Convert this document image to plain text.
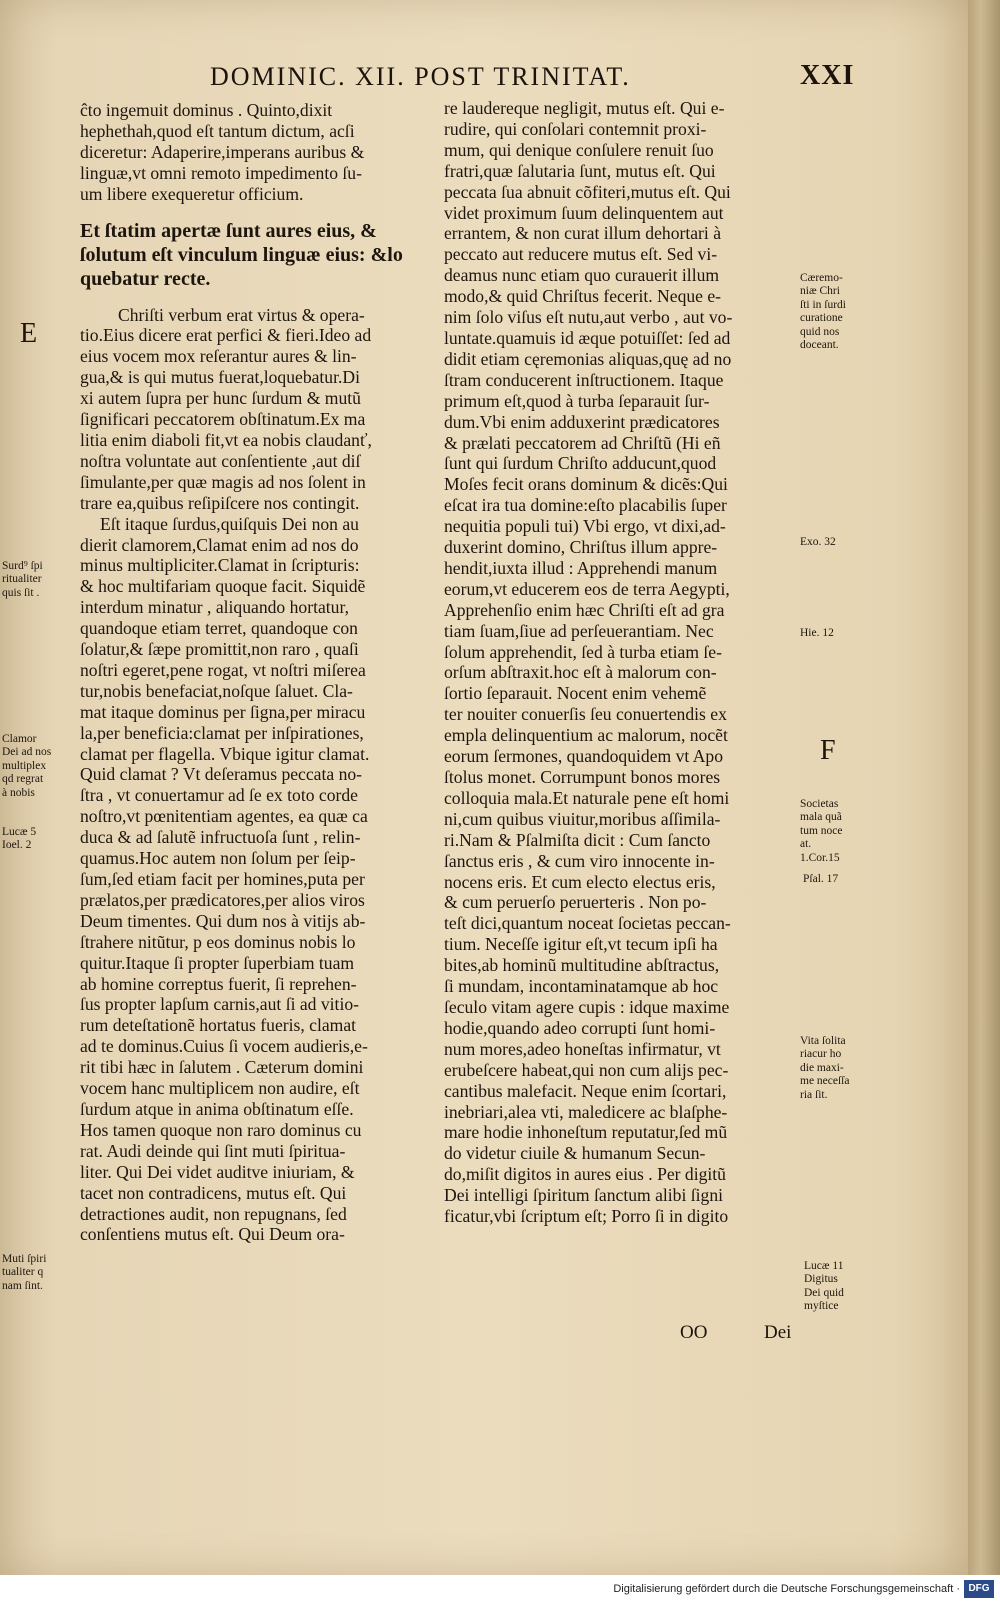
DOMINIC. XII. POST TRINITAT.	XXI
ĉto ingemuit dominus . Quinto,dixit
hephethah,quod eſt tantum dictum, acſi
diceretur: Adaperire,imperans auribus &
linguæ,vt omni remoto impedimento ſu-
um libere exequeretur officium.
Et ſtatim apertæ ſunt aures eius, &
ſolutum eſt vinculum linguæ eius: &lo
quebatur recte.
Chriſti verbum erat virtus & opera-
tio.Eius dicere erat perfici & fieri.Ideo ad
eius vocem mox reſerantur aures & lin-
gua,& is qui mutus fuerat,loquebatur.Di
xi autem ſupra per hunc ſurdum & mutũ
ſignificari peccatorem obſtinatum.Ex ma
litia enim diaboli fit,vt ea nobis claudanť,
noſtra voluntate aut conſentiente ,aut diſ
ſimulante,per quæ magis ad nos ſolent in
trare ea,quibus reſipiſcere nos contingit.
Eſt itaque ſurdus,quiſquis Dei non au
dierit clamorem,Clamat enim ad nos do
minus multipliciter.Clamat in ſcripturis:
& hoc multifariam quoque facit. Siquidẽ
interdum minatur , aliquando hortatur,
quandoque etiam terret, quandoque con
ſolatur,& ſæpe promittit,non raro , quaſi
noſtri egeret,pene rogat, vt noſtri miſerea
tur,nobis benefaciat,noſque ſaluet. Cla-
mat itaque dominus per ſigna,per miracu
la,per beneficia:clamat per inſpirationes,
clamat per flagella. Vbique igitur clamat.
Quid clamat ? Vt deſeramus peccata no-
ſtra , vt conuertamur ad ſe ex toto corde
noſtro,vt pœnitentiam agentes, ea quæ ca
duca & ad ſalutẽ infructuoſa ſunt , relin-
quamus.Hoc autem non ſolum per ſeip-
ſum,ſed etiam facit per homines,puta per
prælatos,per prædicatores,per alios viros
Deum timentes. Qui dum nos à vitijs ab-
ſtrahere nitũtur, p eos dominus nobis lo
quitur.Itaque ſi propter ſuperbiam tuam
ab homine correptus fuerit, ſi reprehen-
ſus propter lapſum carnis,aut ſi ad vitio-
rum deteſtationẽ hortatus fueris, clamat
ad te dominus.Cuius ſi vocem audieris,e-
rit tibi hæc in ſalutem . Cæterum domini
vocem hanc multiplicem non audire, eſt
ſurdum atque in anima obſtinatum eſſe.
Hos tamen quoque non raro dominus cu
rat. Audi deinde qui ſint muti ſpiritua-
liter. Qui Dei videt auditve iniuriam, &
tacet non contradicens, mutus eſt. Qui
detractiones audit, non repugnans, ſed
conſentiens mutus eſt. Qui Deum ora-
re laudereque negligit, mutus eſt. Qui e-
rudire, qui conſolari contemnit proxi-
mum, qui denique conſulere renuit ſuo
fratri,quæ ſalutaria ſunt, mutus eſt. Qui
peccata ſua abnuit cõfiteri,mutus eſt. Qui
videt proximum ſuum delinquentem aut
errantem, & non curat illum dehortari à
peccato aut reducere mutus eſt. Sed vi-
deamus nunc etiam quo curauerit illum
modo,& quid Chriſtus fecerit. Neque e-
nim ſolo viſus eſt nutu,aut verbo , aut vo-
luntate.quamuis id æque potuiſſet: ſed ad
didit etiam cęremonias aliquas,quę ad no
ſtram conducerent inſtructionem. Itaque
primum eſt,quod à turba ſeparauit ſur-
dum.Vbi enim adduxerint prædicatores
& prælati peccatorem ad Chriſtũ (Hi eñ
ſunt qui ſurdum Chriſto adducunt,quod
Moſes fecit orans dominum & dicẽs:Qui
eſcat ira tua domine:eſto placabilis ſuper
nequitia populi tui) Vbi ergo, vt dixi,ad-
duxerint domino, Chriſtus illum appre-
hendit,iuxta illud : Apprehendi manum
eorum,vt educerem eos de terra Aegypti,
Apprehenſio enim hæc Chriſti eſt ad gra
tiam ſuam,ſiue ad perſeuerantiam. Nec
ſolum apprehendit, ſed à turba etiam ſe-
orſum abſtraxit.hoc eſt à malorum con-
ſortio ſeparauit. Nocent enim vehemẽ
ter nouiter conuerſis ſeu conuertendis ex
empla delinquentium ac malorum, nocẽt
eorum ſermones, quandoquidem vt Apo
ſtolus monet. Corrumpunt bonos mores
colloquia mala.Et naturale pene eſt homi
ni,cum quibus viuitur,moribus aſſimila-
ri.Nam & Pſalmiſta dicit : Cum ſancto
ſanctus eris , & cum viro innocente in-
nocens eris. Et cum electo electus eris,
& cum peruerſo peruerteris . Non po-
teſt dici,quantum noceat ſocietas peccan-
tium. Neceſſe igitur eſt,vt tecum ipſi ha
bites,ab hominũ multitudine abſtractus,
ſi mundam, incontaminatamque ab hoc
ſeculo vitam agere cupis : idque maxime
hodie,quando adeo corrupti ſunt homi-
num mores,adeo honeſtas infirmatur, vt
erubeſcere habeat,qui non cum alijs pec-
cantibus malefacit. Neque enim ſcortari,
inebriari,alea vti, maledicere ac blaſphe-
mare hodie inhoneſtum reputatur,ſed mũ
do videtur ciuile & humanum Secun-
do,miſit digitos in aures eius . Per digitũ
Dei intelligi ſpiritum ſanctum alibi ſigni
ficatur,vbi ſcriptum eſt; Porro ſi in digito
E
F
Surd⁹ ſpi
ritualiter
quis ſit .
Clamor
Dei ad nos
multiplex
qd regrat
à nobis
Lucæ 5
Ioel. 2
Muti ſpiri
tualiter q
nam ſint.
Cæremo-
niæ Chri
ſti in ſurdi
curatione
quid nos
doceant.
Exo. 32
Hie. 12
Societas
mala quã
tum noce
at.
1.Cor.15
Pſal. 17
Vita ſolita
riacur ho
die maxi-
me neceſſa
ria ſit.
Lucæ 11
Digitus
Dei quid
myſtice
OO	Dei
Digitalisierung gefördert durch die Deutsche Forschungsgemeinschaft · DFG
